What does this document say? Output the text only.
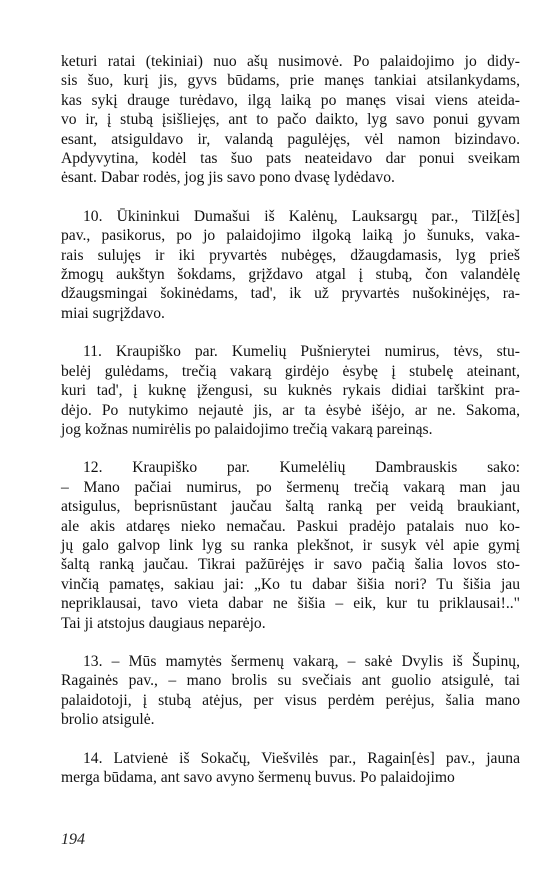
keturi ratai (tekiniai) nuo ašų nusimovė. Po palaidojimo jo didy-
sis šuo, kurį jis, gyvs būdams, prie manęs tankiai atsilankydams,
kas sykį drauge turėdavo, ilgą laiką po manęs visai viens ateida-
vo ir, į stubą įsišliejęs, ant to pačo daikto, lyg savo ponui gyvam
esant, atsiguldavo ir, valandą pagulėjęs, vėl namon bizindavo.
Apdyvytina, kodėl tas šuo pats neateidavo dar ponui sveikam
ėsant. Dabar rodės, jog jis savo pono dvasę lydėdavo.
10. Ūkininkui Dumašui iš Kalėnų, Lauksargų par., Tilž[ės]
pav., pasikorus, po jo palaidojimo ilgoką laiką jo šunuks, vaka-
rais sulujęs ir iki pryvartės nubėgęs, džaugdamasis, lyg prieš
žmogų aukštyn šokdams, grįždavo atgal į stubą, čon valandėlę
džaugsmingai šokinėdams, tad', ik už pryvartės nušokinėjęs, ra-
miai sugrįždavo.
11. Kraupiško par. Kumelių Pušnierytei numirus, tėvs, stu-
belėj gulėdams, trečią vakarą girdėjo ėsybę į stubelę ateinant,
kuri tad', į kuknę įžengusi, su kuknės rykais didiai tarškint pra-
dėjo. Po nutykimo nejautė jis, ar ta ėsybė išėjo, ar ne. Sakoma,
jog kožnas numirėlis po palaidojimo trečią vakarą pareinąs.
12. Kraupiško par. Kumelėlių Dambrauskis sako:
– Mano pačiai numirus, po šermenų trečią vakarą man jau
atsigulus, beprisnūstant jaučau šaltą ranką per veidą braukiant,
ale akis atdaręs nieko nemačau. Paskui pradėjo patalais nuo ko-
jų galo galvop link lyg su ranka plekšnot, ir susyk vėl apie gymį
šaltą ranką jaučau. Tikrai pažūrėjęs ir savo pačią šalia lovos sto-
vinčią pamatęs, sakiau jai: „Ko tu dabar šišia nori? Tu šišia jau
nepriklausai, tavo vieta dabar ne šišia – eik, kur tu priklausai!.."
Tai ji atstojus daugiaus neparėjo.
13. – Mūs mamytės šermenų vakarą, – sakė Dvylis iš Šupinų,
Ragainės pav., – mano brolis su svečiais ant guolio atsigulė, tai
palaidotoji, į stubą atėjus, per visus perdėm perėjus, šalia mano
brolio atsigulė.
14. Latvienė iš Sokačų, Viešvilės par., Ragain[ės] pav., jauna
merga būdama, ant savo avyno šermenų buvus. Po palaidojimo
194
